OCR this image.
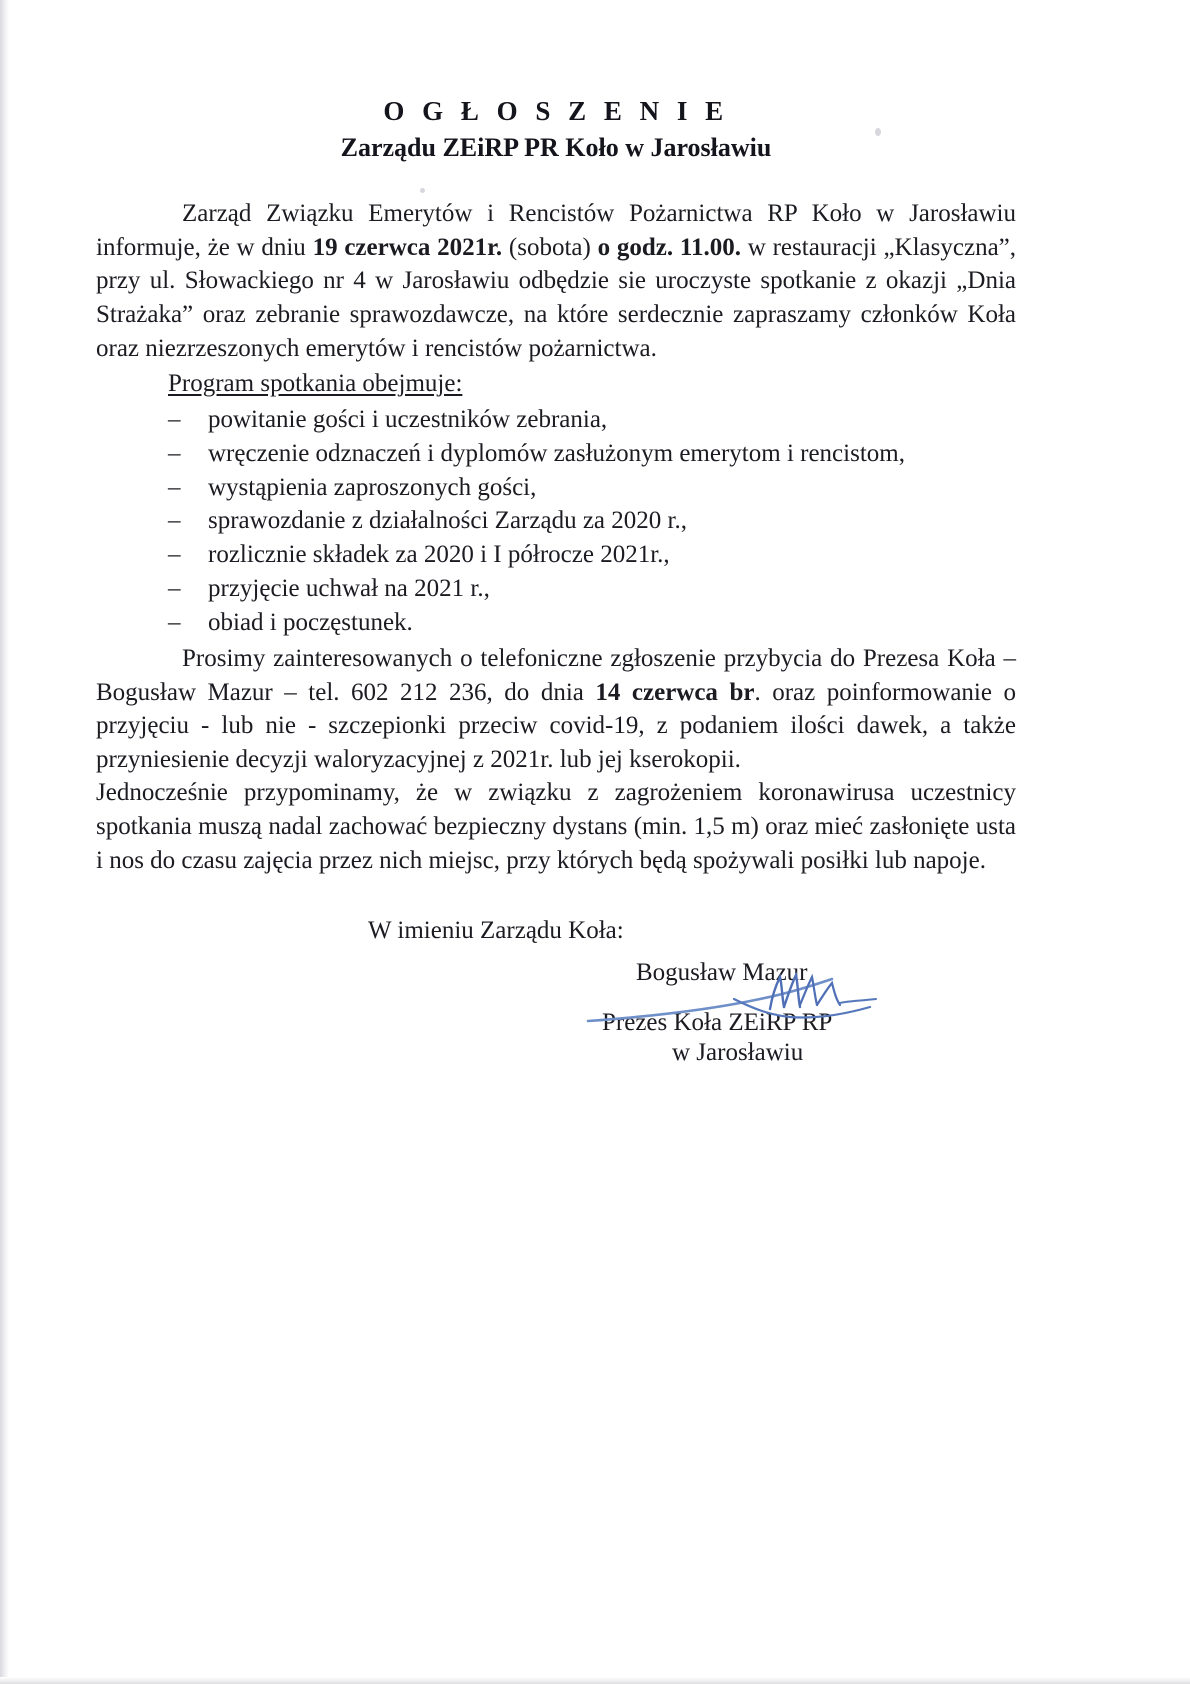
O G Ł O S Z E N I E
Zarządu ZEiRP PR Koło w Jarosławiu

Zarząd Związku Emerytów i Rencistów Pożarnictwa RP Koło w Jarosławiu informuje, że w dniu 19 czerwca 2021r. (sobota) o godz. 11.00. w restauracji „Klasyczna”, przy ul. Słowackiego nr 4 w Jarosławiu odbędzie sie uroczyste spotkanie z okazji „Dnia Strażaka” oraz zebranie sprawozdawcze, na które serdecznie zapraszamy członków Koła oraz niezrzeszonych emerytów i rencistów pożarnictwa.

Program spotkania obejmuje:
– powitanie gości i uczestników zebrania,
– wręczenie odznaczeń i dyplomów zasłużonym emerytom i rencistom,
– wystąpienia zaproszonych gości,
– sprawozdanie z działalności Zarządu za 2020 r.,
– rozlicznie składek za 2020 i I półrocze 2021r.,
– przyjęcie uchwał na 2021 r.,
– obiad i poczęstunek.

Prosimy zainteresowanych o telefoniczne zgłoszenie przybycia do Prezesa Koła – Bogusław Mazur – tel. 602 212 236, do dnia 14 czerwca br. oraz poinformowanie o przyjęciu - lub nie - szczepionki przeciw covid-19, z podaniem ilości dawek, a także przyniesienie decyzji waloryzacyjnej z 2021r. lub jej kserokopii.

Jednocześnie przypominamy, że w związku z zagrożeniem koronawirusa uczestnicy spotkania muszą nadal zachować bezpieczny dystans (min. 1,5 m) oraz mieć zasłonięte usta i nos do czasu zajęcia przez nich miejsc, przy których będą spożywali posiłki lub napoje.

W imieniu Zarządu Koła:
Bogusław Mazur
Prezes Koła ZEiRP RP
w Jarosławiu
